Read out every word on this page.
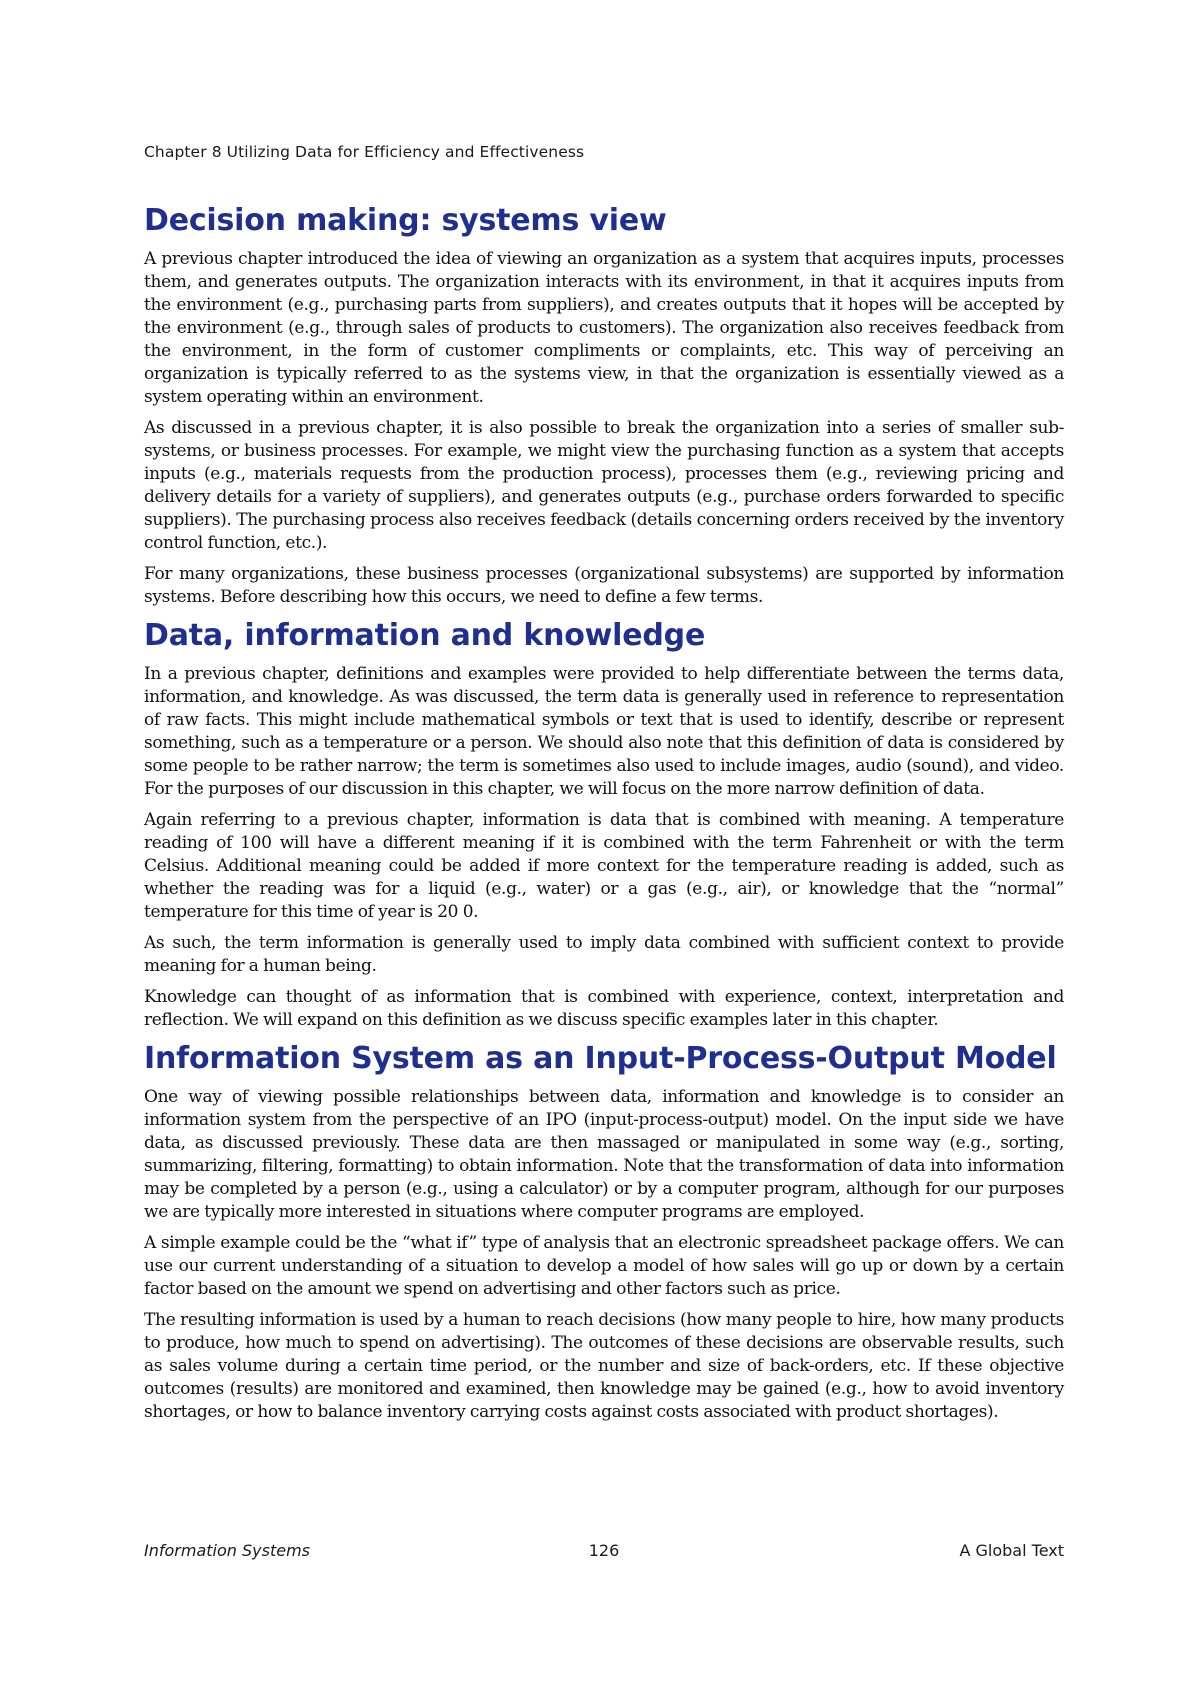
Chapter 8 Utilizing Data for Efficiency and Effectiveness
Decision making: systems view

A previous chapter introduced the idea of viewing an organization as a system that acquires inputs, processes them, and generates outputs. The organization interacts with its environment, in that it acquires inputs from the environment (e.g., purchasing parts from suppliers), and creates outputs that it hopes will be accepted by the environment (e.g., through sales of products to customers). The organization also receives feedback from the environment, in the form of customer compliments or complaints, etc. This way of perceiving an organization is typically referred to as the systems view, in that the organization is essentially viewed as a system operating within an environment.

As discussed in a previous chapter, it is also possible to break the organization into a series of smaller sub-systems, or business processes. For example, we might view the purchasing function as a system that accepts inputs (e.g., materials requests from the production process), processes them (e.g., reviewing pricing and delivery details for a variety of suppliers), and generates outputs (e.g., purchase orders forwarded to specific suppliers). The purchasing process also receives feedback (details concerning orders received by the inventory control function, etc.).

For many organizations, these business processes (organizational subsystems) are supported by information systems. Before describing how this occurs, we need to define a few terms.

Data, information and knowledge

In a previous chapter, definitions and examples were provided to help differentiate between the terms data, information, and knowledge. As was discussed, the term data is generally used in reference to representation of raw facts. This might include mathematical symbols or text that is used to identify, describe or represent something, such as a temperature or a person. We should also note that this definition of data is considered by some people to be rather narrow; the term is sometimes also used to include images, audio (sound), and video. For the purposes of our discussion in this chapter, we will focus on the more narrow definition of data.

Again referring to a previous chapter, information is data that is combined with meaning. A temperature reading of 100 will have a different meaning if it is combined with the term Fahrenheit or with the term Celsius. Additional meaning could be added if more context for the temperature reading is added, such as whether the reading was for a liquid (e.g., water) or a gas (e.g., air), or knowledge that the “normal” temperature for this time of year is 20 0.

As such, the term information is generally used to imply data combined with sufficient context to provide meaning for a human being.

Knowledge can thought of as information that is combined with experience, context, interpretation and reflection. We will expand on this definition as we discuss specific examples later in this chapter.

Information System as an Input-Process-Output Model

One way of viewing possible relationships between data, information and knowledge is to consider an information system from the perspective of an IPO (input-process-output) model. On the input side we have data, as discussed previously. These data are then massaged or manipulated in some way (e.g., sorting, summarizing, filtering, formatting) to obtain information. Note that the transformation of data into information may be completed by a person (e.g., using a calculator) or by a computer program, although for our purposes we are typically more interested in situations where computer programs are employed.

A simple example could be the “what if” type of analysis that an electronic spreadsheet package offers. We can use our current understanding of a situation to develop a model of how sales will go up or down by a certain factor based on the amount we spend on advertising and other factors such as price.

The resulting information is used by a human to reach decisions (how many people to hire, how many products to produce, how much to spend on advertising). The outcomes of these decisions are observable results, such as sales volume during a certain time period, or the number and size of back-orders, etc. If these objective outcomes (results) are monitored and examined, then knowledge may be gained (e.g., how to avoid inventory shortages, or how to balance inventory carrying costs against costs associated with product shortages).

Information Systems	126	A Global Text
